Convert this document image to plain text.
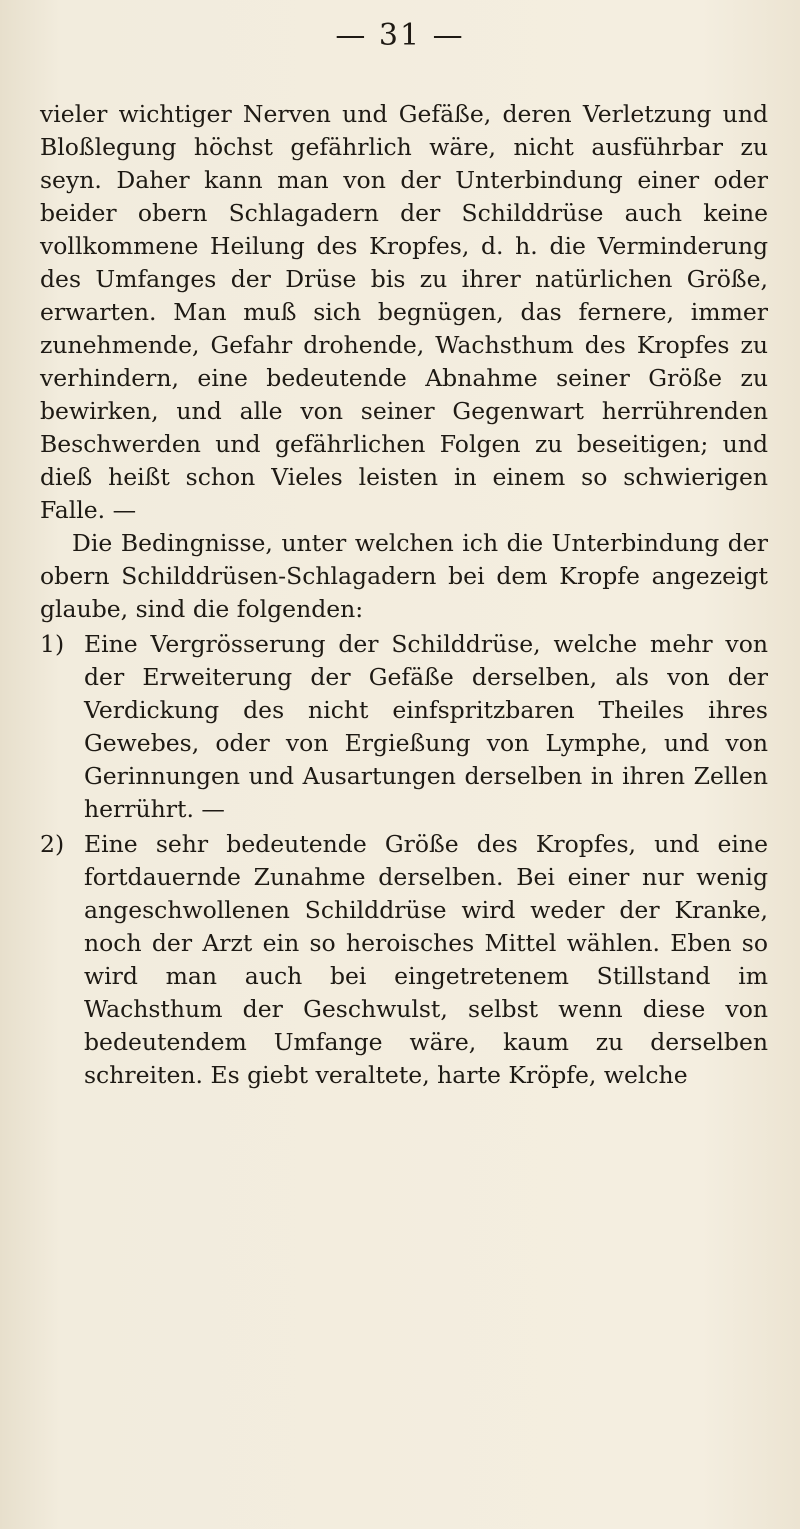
— 31 —

vieler wichtiger Nerven und Gefäße, deren Verletzung und Bloßlegung höchst gefährlich wäre, nicht ausführbar zu seyn. Daher kann man von der Unterbindung einer oder beider obern Schlagadern der Schilddrüse auch keine vollkommene Heilung des Kropfes, d. h. die Verminderung des Umfanges der Drüse bis zu ihrer natürlichen Größe, erwarten. Man muß sich begnügen, das fernere, immer zunehmende, Gefahr drohende, Wachsthum des Kropfes zu verhindern, eine bedeutende Abnahme seiner Größe zu bewirken, und alle von seiner Gegenwart herrührenden Beschwerden und gefährlichen Folgen zu beseitigen; und dieß heißt schon Vieles leisten in einem so schwierigen Falle. —

Die Bedingnisse, unter welchen ich die Unterbindung der obern Schilddrüsen-Schlagadern bei dem Kropfe angezeigt glaube, sind die folgenden:

1) Eine Vergrösserung der Schilddrüse, welche mehr von der Erweiterung der Gefäße derselben, als von der Verdickung des nicht einfspritzbaren Theiles ihres Gewebes, oder von Ergießung von Lymphe, und von Gerinnungen und Ausartungen derselben in ihren Zellen herrührt. —
2) Eine sehr bedeutende Größe des Kropfes, und eine fortdauernde Zunahme derselben. Bei einer nur wenig angeschwollenen Schilddrüse wird weder der Kranke, noch der Arzt ein so heroisches Mittel wählen. Eben so wird man auch bei eingetretenem Stillstand im Wachsthum der Geschwulst, selbst wenn diese von bedeutendem Umfange wäre, kaum zu derselben schreiten. Es giebt veraltete, harte Kröpfe, welche
